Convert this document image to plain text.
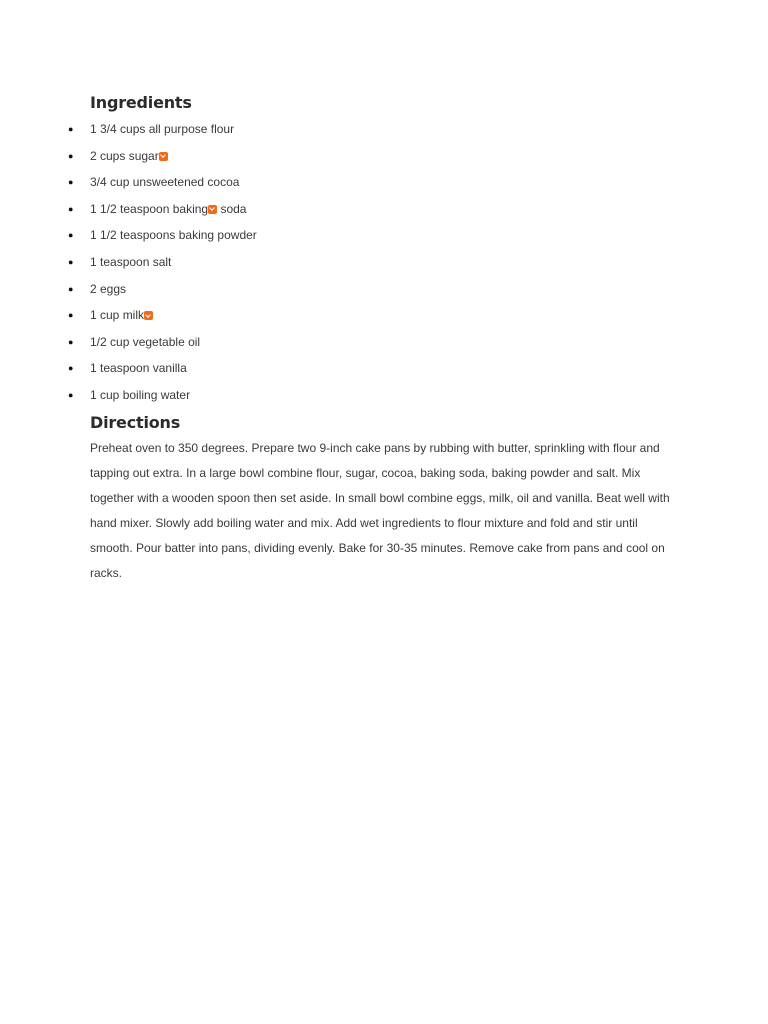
Ingredients
● 1 3/4 cups all purpose flour
● 2 cups sugar
● 3/4 cup unsweetened cocoa
● 1 1/2 teaspoon baking soda
● 1 1/2 teaspoons baking powder
● 1 teaspoon salt
● 2 eggs
● 1 cup milk
● 1/2 cup vegetable oil
● 1 teaspoon vanilla
● 1 cup boiling water
Directions

Preheat oven to 350 degrees. Prepare two 9-inch cake pans by rubbing with butter, sprinkling with flour and tapping out extra. In a large bowl combine flour, sugar, cocoa, baking soda, baking powder and salt. Mix together with a wooden spoon then set aside. In small bowl combine eggs, milk, oil and vanilla. Beat well with hand mixer. Slowly add boiling water and mix. Add wet ingredients to flour mixture and fold and stir until smooth. Pour batter into pans, dividing evenly. Bake for 30-35 minutes. Remove cake from pans and cool on racks.
